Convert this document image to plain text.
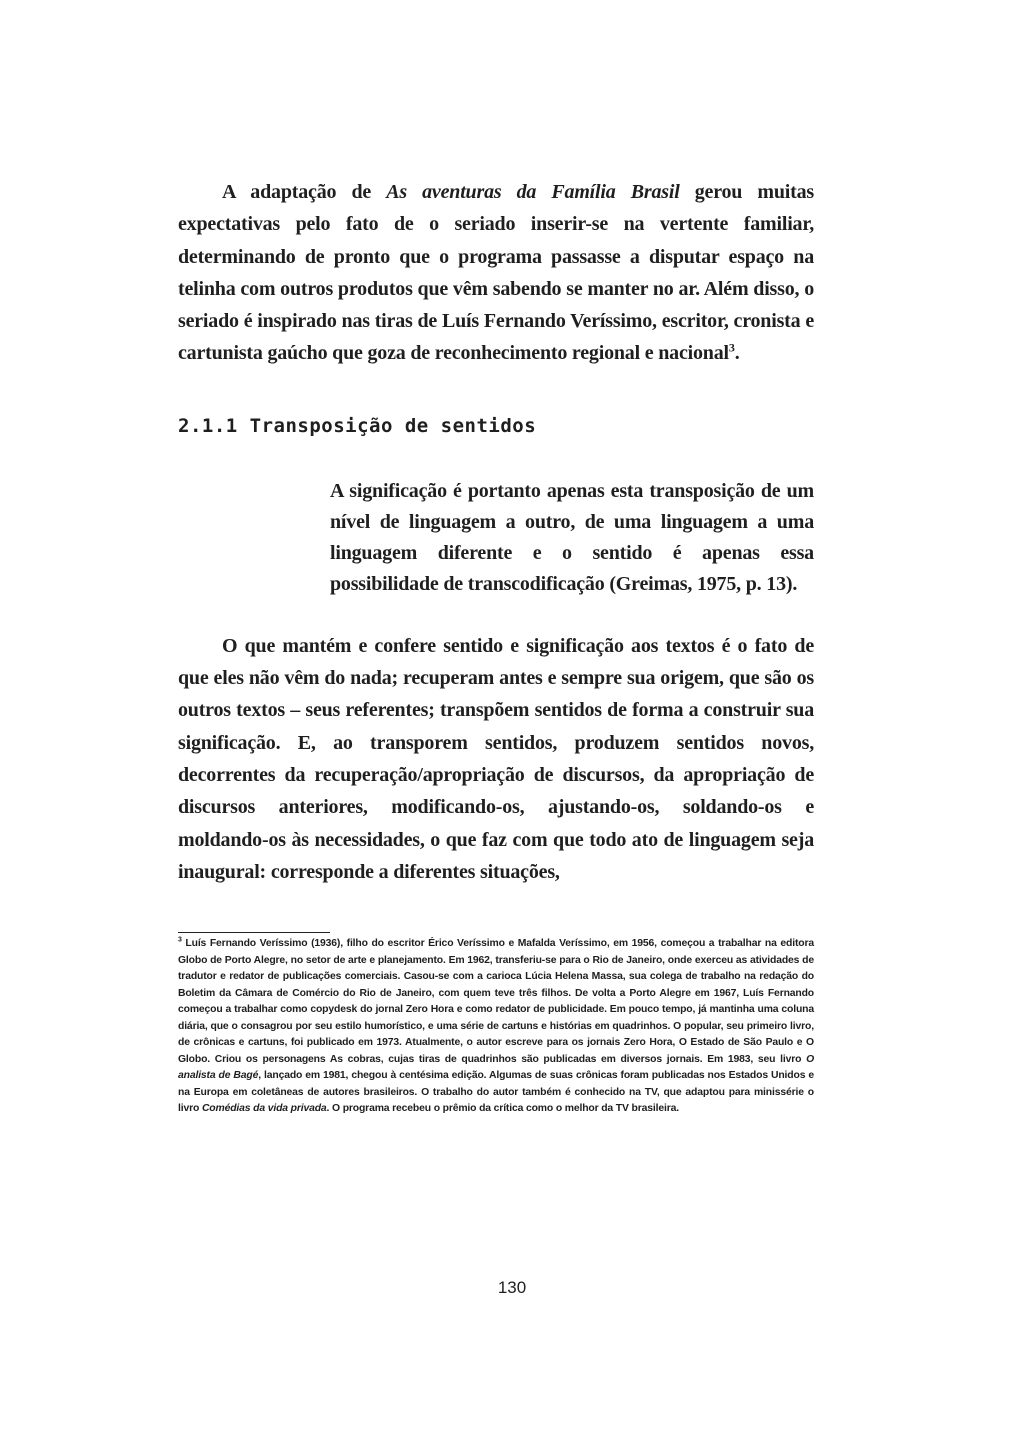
A adaptação de As aventuras da Família Brasil gerou muitas expectativas pelo fato de o seriado inserir-se na vertente familiar, determinando de pronto que o programa passasse a disputar espaço na telinha com outros produtos que vêm sabendo se manter no ar. Além disso, o seriado é inspirado nas tiras de Luís Fernando Veríssimo, escritor, cronista e cartunista gaúcho que goza de reconhecimento regional e nacional$^3$.

2.1.1 Transposição de sentidos

A significação é portanto apenas esta transposição de um nível de linguagem a outro, de uma linguagem a uma linguagem diferente e o sentido é apenas essa possibilidade de transcodificação (Greimas, 1975, p. 13).

O que mantém e confere sentido e significação aos textos é o fato de que eles não vêm do nada; recuperam antes e sempre sua origem, que são os outros textos – seus referentes; transpõem sentidos de forma a construir sua significação. E, ao transporem sentidos, produzem sentidos novos, decorrentes da recuperação/apropriação de discursos, da apropriação de discursos anteriores, modificando-os, ajustando-os, soldando-os e moldando-os às necessidades, o que faz com que todo ato de linguagem seja inaugural: corresponde a diferentes situações,

$^3$ Luís Fernando Veríssimo (1936), filho do escritor Érico Veríssimo e Mafalda Veríssimo, em 1956, começou a trabalhar na editora Globo de Porto Alegre, no setor de arte e planejamento. Em 1962, transferiu-se para o Rio de Janeiro, onde exerceu as atividades de tradutor e redator de publicações comerciais. Casou-se com a carioca Lúcia Helena Massa, sua colega de trabalho na redação do Boletim da Câmara de Comércio do Rio de Janeiro, com quem teve três filhos. De volta a Porto Alegre em 1967, Luís Fernando começou a trabalhar como copydesk do jornal Zero Hora e como redator de publicidade. Em pouco tempo, já mantinha uma coluna diária, que o consagrou por seu estilo humorístico, e uma série de cartuns e histórias em quadrinhos. O popular, seu primeiro livro, de crônicas e cartuns, foi publicado em 1973. Atualmente, o autor escreve para os jornais Zero Hora, O Estado de São Paulo e O Globo. Criou os personagens As cobras, cujas tiras de quadrinhos são publicadas em diversos jornais. Em 1983, seu livro O analista de Bagé, lançado em 1981, chegou à centésima edição. Algumas de suas crônicas foram publicadas nos Estados Unidos e na Europa em coletâneas de autores brasileiros. O trabalho do autor também é conhecido na TV, que adaptou para minissérie o livro Comédias da vida privada. O programa recebeu o prêmio da crítica como o melhor da TV brasileira.

130
